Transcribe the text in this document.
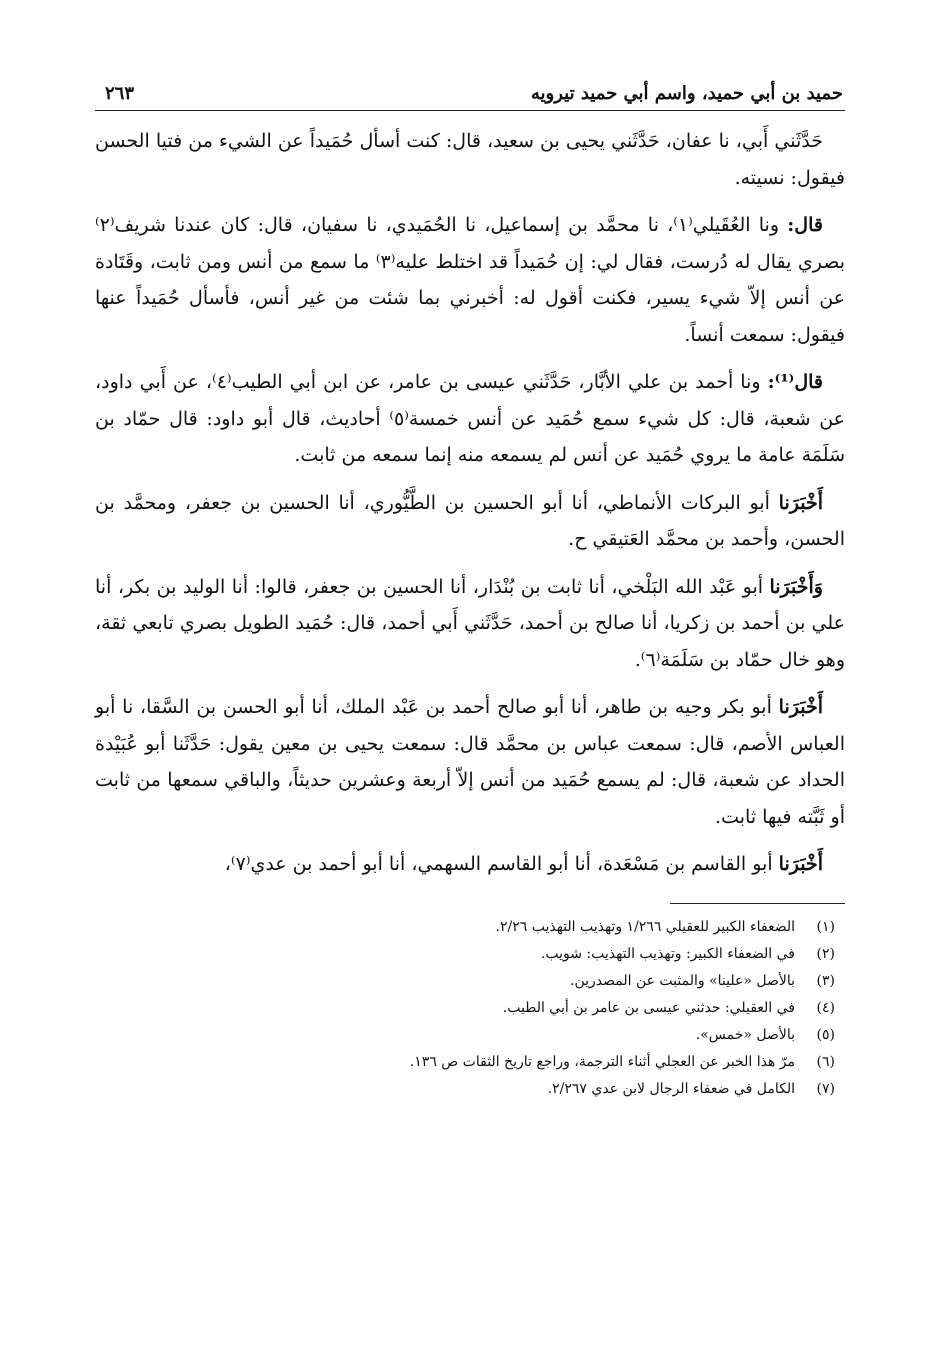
حميد بن أبي حميد، واسم أبي حميد تيرويه
٢٦٣

حَدَّثَني أَبي، نا عفان، حَدَّثَني يحيى بن سعيد، قال: كنت أسأل حُمَيداً عن الشيء من فتيا الحسن فيقول: نسيته.

قال: ونا العُقَيلي⁽١⁾، نا محمَّد بن إسماعيل، نا الحُمَيدي، نا سفيان، قال: كان عندنا شريف⁽٢⁾ بصري يقال له دُرست، فقال لي: إن حُمَيداً قد اختلط عليه⁽٣⁾ ما سمع من أنس ومن ثابت، وقَتَادة عن أنس إلاّ شيء يسير، فكنت أقول له: أخبرني بما شئت من غير أنس، فأسأل حُمَيداً عنها فيقول: سمعت أنساً.

قال⁽¹⁾: ونا أحمد بن علي الأبَّار، حَدَّثَني عيسى بن عامر، عن ابن أبي الطيب⁽٤⁾، عن أَبي داود، عن شعبة، قال: كل شيء سمع حُمَيد عن أنس خمسة⁽٥⁾ أحاديث، قال أبو داود: قال حمّاد بن سَلَمَة عامة ما يروي حُمَيد عن أنس لم يسمعه منه إنما سمعه من ثابت.

أَخْبَرَنا أبو البركات الأنماطي، أنا أبو الحسين بن الطَّيُّوري، أنا الحسين بن جعفر، ومحمَّد بن الحسن، وأحمد بن محمَّد العَتيقي ح.

وَأَخْبَرَنا أبو عَبْد الله البَلْخي، أنا ثابت بن بُنْدَار، أنا الحسين بن جعفر، قالوا: أنا الوليد بن بكر، أنا علي بن أحمد بن زكريا، أنا صالح بن أحمد، حَدَّثَني أَبي أحمد، قال: حُمَيد الطويل بصري تابعي ثقة، وهو خال حمّاد بن سَلَمَة⁽٦⁾.

أَخْبَرَنا أبو بكر وجيه بن طاهر، أنا أبو صالح أحمد بن عَبْد الملك، أنا أبو الحسن بن السَّقا، نا أبو العباس الأصم، قال: سمعت عباس بن محمَّد قال: سمعت يحيى بن معين يقول: حَدَّثَنا أبو عُبَيْدة الحداد عن شعبة، قال: لم يسمع حُمَيد من أنس إلاّ أربعة وعشرين حديثاً، والباقي سمعها من ثابت أو ثَبَّته فيها ثابت.

أَخْبَرَنا أبو القاسم بن مَسْعَدة، أنا أبو القاسم السهمي، أنا أبو أحمد بن عدي⁽٧⁾،

(١)
الضعفاء الكبير للعقيلي ١/٢٦٦ وتهذيب التهذيب ٢/٢٦.
(٢)
في الضعفاء الكبير: وتهذيب التهذيب: شويب.
(٣)
بالأصل «علينا» والمثبت عن المصدرين.
(٤)
في العقيلي: حدثني عيسى بن عامر بن أبي الطيب.
(٥)
بالأصل «خمس».
(٦)
مرّ هذا الخبر عن العجلي أثناء الترجمة، وراجع تاريخ الثقات ص ١٣٦.
(٧)
الكامل في ضعفاء الرجال لابن عدي ٢/٢٦٧.
